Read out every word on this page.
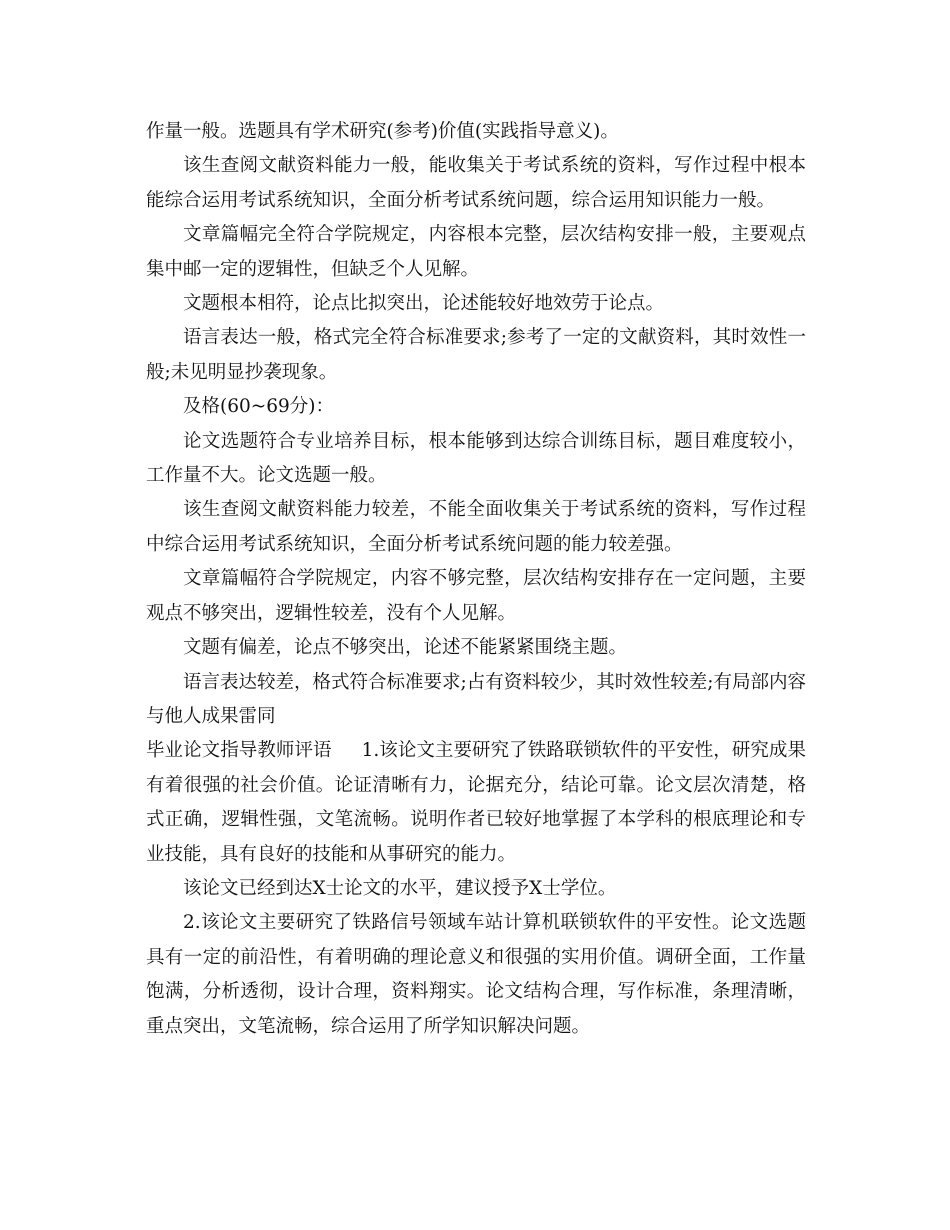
作量一般。选题具有学术研究(参考)价值(实践指导意义)。

该生查阅文献资料能力一般，能收集关于考试系统的资料，写作过程中根本能综合运用考试系统知识，全面分析考试系统问题，综合运用知识能力一般。

文章篇幅完全符合学院规定，内容根本完整，层次结构安排一般，主要观点集中邮一定的逻辑性，但缺乏个人见解。

文题根本相符，论点比拟突出，论述能较好地效劳于论点。

语言表达一般，格式完全符合标准要求;参考了一定的文献资料，其时效性一般;未见明显抄袭现象。

及格(60~69分)：

论文选题符合专业培养目标，根本能够到达综合训练目标，题目难度较小，工作量不大。论文选题一般。

该生查阅文献资料能力较差，不能全面收集关于考试系统的资料，写作过程中综合运用考试系统知识，全面分析考试系统问题的能力较差强。

文章篇幅符合学院规定，内容不够完整，层次结构安排存在一定问题，主要观点不够突出，逻辑性较差，没有个人见解。

文题有偏差，论点不够突出，论述不能紧紧围绕主题。

语言表达较差，格式符合标准要求;占有资料较少，其时效性较差;有局部内容与他人成果雷同

毕业论文指导教师评语 1.该论文主要研究了铁路联锁软件的平安性，研究成果有着很强的社会价值。论证清晰有力，论据充分，结论可靠。论文层次清楚，格式正确，逻辑性强，文笔流畅。说明作者已较好地掌握了本学科的根底理论和专业技能，具有良好的技能和从事研究的能力。

该论文已经到达X士论文的水平，建议授予X士学位。

2.该论文主要研究了铁路信号领域车站计算机联锁软件的平安性。论文选题具有一定的前沿性，有着明确的理论意义和很强的实用价值。调研全面，工作量饱满，分析透彻，设计合理，资料翔实。论文结构合理，写作标准，条理清晰，重点突出，文笔流畅，综合运用了所学知识解决问题。
